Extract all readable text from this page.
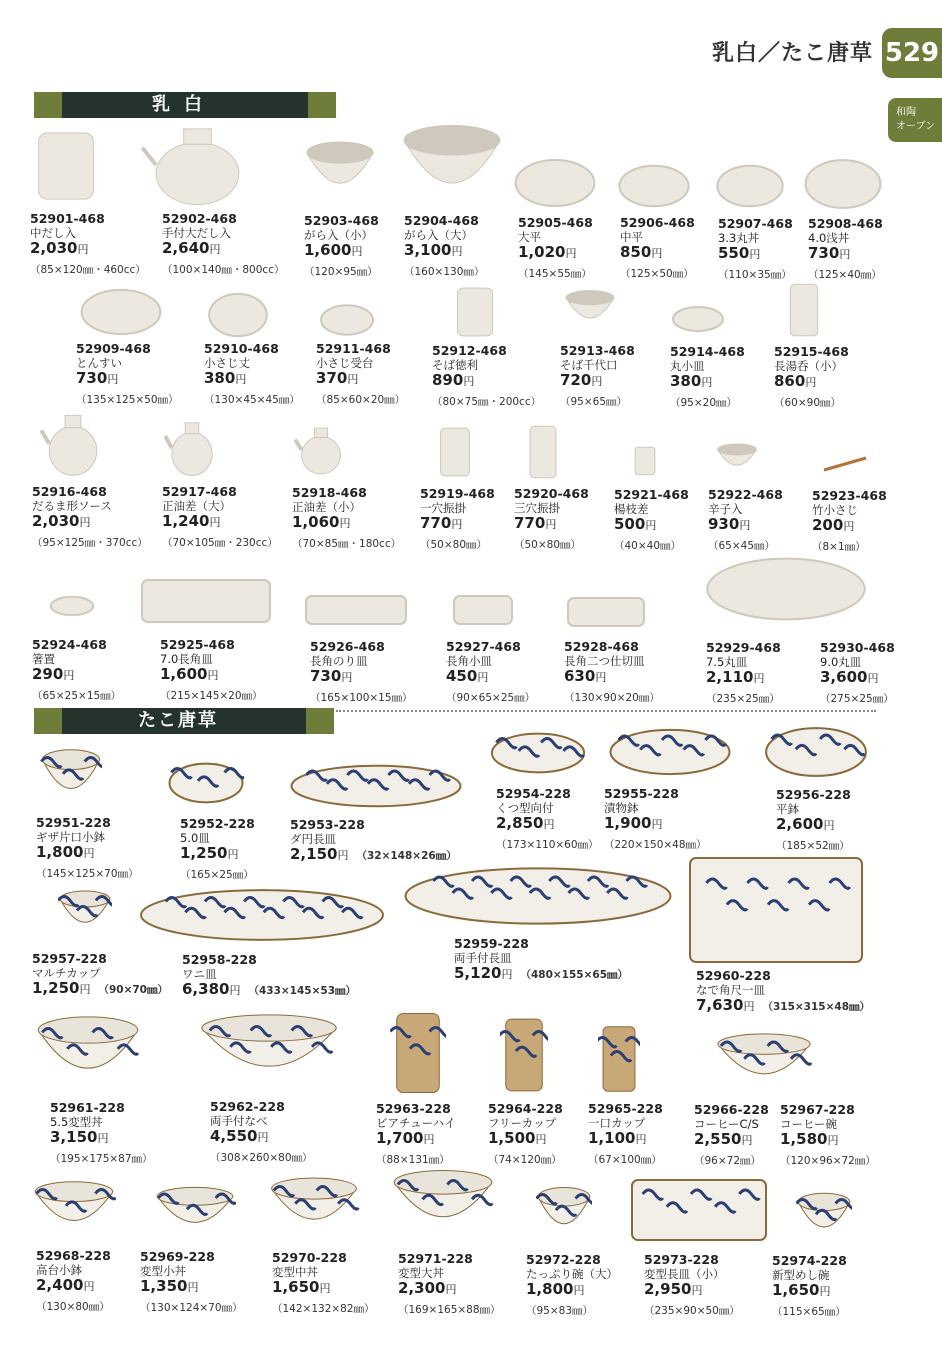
乳白／たこ唐草 529
和陶
オーブン
乳白
たこ唐草
52901-468
中だし入
2,030円
（85×120㎜・460cc）
52902-468
手付大だし入
2,640円
（100×140㎜・800cc）
52903-468
がら入（小）
1,600円
（120×95㎜）
52904-468
がら入（大）
3,100円
（160×130㎜）
52905-468
大平
1,020円
（145×55㎜）
52906-468
中平
850円
（125×50㎜）
52907-468
3.3丸丼
550円
（110×35㎜）
52908-468
4.0浅丼
730円
（125×40㎜）
52909-468
とんすい
730円
（135×125×50㎜）
52910-468
小さじ丈
380円
（130×45×45㎜）
52911-468
小さじ受台
370円
（85×60×20㎜）
52912-468
そば徳利
890円
（80×75㎜・200cc）
52913-468
そば千代口
720円
（95×65㎜）
52914-468
丸小皿
380円
（95×20㎜）
52915-468
長湯呑（小）
860円
（60×90㎜）
52916-468
だるま形ソース
2,030円
（95×125㎜・370cc）
52917-468
正油差（大）
1,240円
（70×105㎜・230cc）
52918-468
正油差（小）
1,060円
（70×85㎜・180cc）
52919-468
一穴振掛
770円
（50×80㎜）
52920-468
三穴振掛
770円
（50×80㎜）
52921-468
楊枝差
500円
（40×40㎜）
52922-468
辛子入
930円
（65×45㎜）
52923-468
竹小さじ
200円
（8×1㎜）
52924-468
箸置
290円
（65×25×15㎜）
52925-468
7.0長角皿
1,600円
（215×145×20㎜）
52926-468
長角のり皿
730円
（165×100×15㎜）
52927-468
長角小皿
450円
（90×65×25㎜）
52928-468
長角二つ仕切皿
630円
（130×90×20㎜）
52929-468
7.5丸皿
2,110円
（235×25㎜）
52930-468
9.0丸皿
3,600円
（275×25㎜）
52951-228
ギザ片口小鉢
1,800円
（145×125×70㎜）
52952-228
5.0皿
1,250円
（165×25㎜）
52953-228
ダ円長皿
2,150円 （32×148×26㎜）
52954-228
くつ型向付
2,850円
（173×110×60㎜）
52955-228
漬物鉢
1,900円
（220×150×48㎜）
52956-228
平鉢
2,600円
（185×52㎜）
52957-228
マルチカップ
1,250円 （90×70㎜）
52958-228
ワニ皿
6,380円 （433×145×53㎜）
52959-228
両手付長皿
5,120円 （480×155×65㎜）	52960-228
なで角尺一皿
7,630円 （315×315×48㎜）
52961-228
5.5変型丼
3,150円
（195×175×87㎜）
52962-228
両手付なべ
4,550円
（308×260×80㎜）
52963-228
ビアチューハイ
1,700円
（88×131㎜）
52964-228
フリーカップ
1,500円
（74×120㎜）
52965-228
一口カップ
1,100円
（67×100㎜）
52966-228
コーヒーC/S
2,550円
（96×72㎜）
52967-228
コーヒー碗
1,580円
（120×96×72㎜）
52968-228
高台小鉢
2,400円
（130×80㎜）
52969-228
変型小丼
1,350円
（130×124×70㎜）
52970-228
変型中丼
1,650円
（142×132×82㎜）
52971-228
変型大丼
2,300円
（169×165×88㎜）
52972-228
たっぷり碗（大）
1,800円
（95×83㎜）
52973-228
変型長皿（小）
2,950円
（235×90×50㎜）
52974-228
新型めし碗
1,650円
（115×65㎜）
